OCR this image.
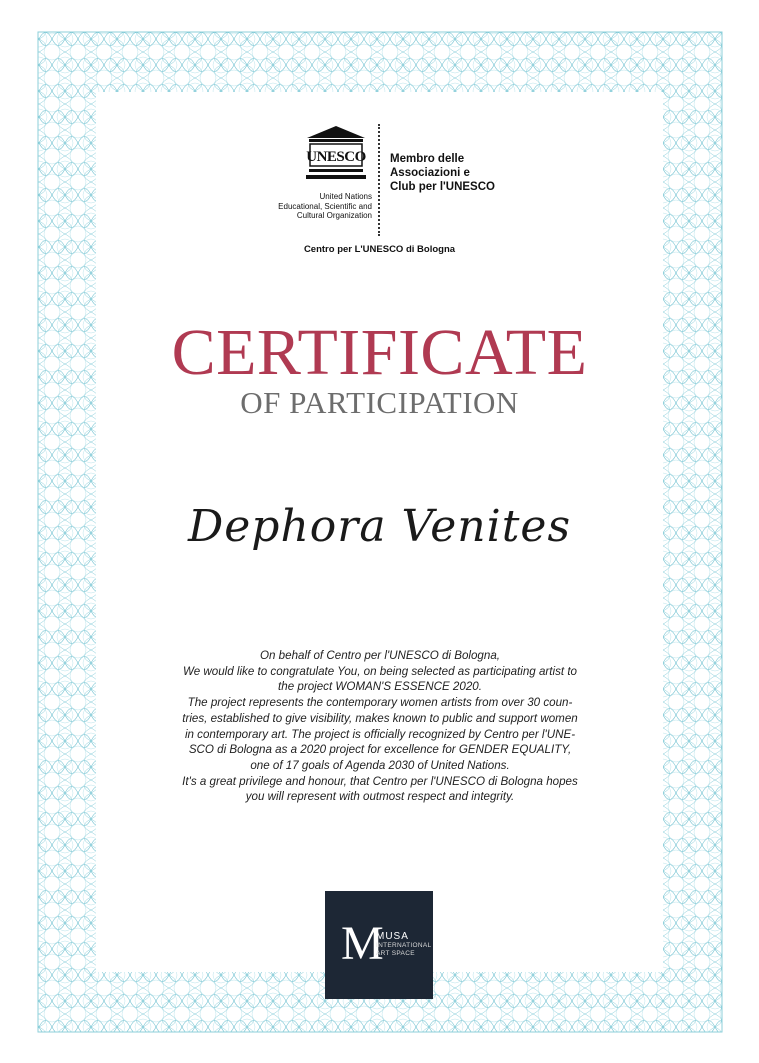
UNESCO
United Nations
Educational, Scientific and
Cultural Organization
Membro delle
Associazioni e
Club per l'UNESCO
Centro per L'UNESCO di Bologna
CERTIFICATE
OF PARTICIPATION
Dephora Venites

On behalf of Centro per l'UNESCO di Bologna,

We would like to congratulate You, on being selected as participating artist to

the project WOMAN'S ESSENCE 2020.

The project represents the contemporary women artists from over 30 coun-

tries, established to give visibility, makes known to public and support women

in contemporary art. The project is officially recognized by Centro per l'UNE-

SCO di Bologna as a 2020 project for excellence for GENDER EQUALITY,

one of 17 goals of Agenda 2030 of United Nations.

It's a great privilege and honour, that Centro per l'UNESCO di Bologna hopes

you will represent with outmost respect and integrity.

M
MUSA
INTERNATIONAL
ART SPACE
